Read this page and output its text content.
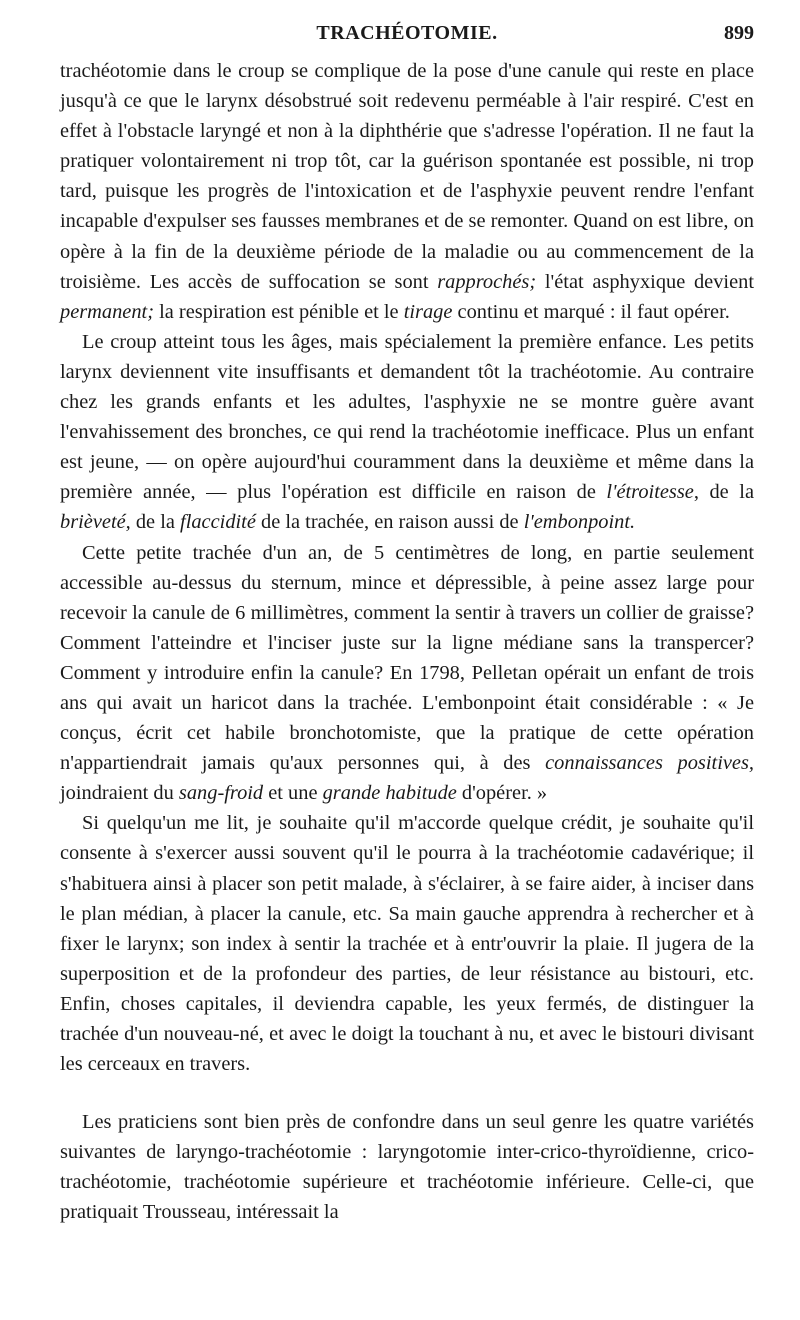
TRACHÉOTOMIE.	899

trachéotomie dans le croup se complique de la pose d'une canule qui reste en place jusqu'à ce que le larynx désobstrué soit redevenu perméable à l'air respiré. C'est en effet à l'obstacle laryngé et non à la diphthérie que s'adresse l'opération. Il ne faut la pratiquer volontairement ni trop tôt, car la guérison spontanée est possible, ni trop tard, puisque les progrès de l'intoxication et de l'asphyxie peuvent rendre l'enfant incapable d'expulser ses fausses membranes et de se remonter. Quand on est libre, on opère à la fin de la deuxième période de la maladie ou au commencement de la troisième. Les accès de suffocation se sont rapprochés; l'état asphyxique devient permanent; la respiration est pénible et le tirage continu et marqué : il faut opérer.

Le croup atteint tous les âges, mais spécialement la première enfance. Les petits larynx deviennent vite insuffisants et demandent tôt la trachéotomie. Au contraire chez les grands enfants et les adultes, l'asphyxie ne se montre guère avant l'envahissement des bronches, ce qui rend la trachéotomie inefficace. Plus un enfant est jeune, — on opère aujourd'hui couramment dans la deuxième et même dans la première année, — plus l'opération est difficile en raison de l'étroitesse, de la brièveté, de la flaccidité de la trachée, en raison aussi de l'embonpoint.

Cette petite trachée d'un an, de 5 centimètres de long, en partie seulement accessible au-dessus du sternum, mince et dépressible, à peine assez large pour recevoir la canule de 6 millimètres, comment la sentir à travers un collier de graisse? Comment l'atteindre et l'inciser juste sur la ligne médiane sans la transpercer? Comment y introduire enfin la canule? En 1798, Pelletan opérait un enfant de trois ans qui avait un haricot dans la trachée. L'embonpoint était considérable : « Je conçus, écrit cet habile bronchotomiste, que la pratique de cette opération n'appartiendrait jamais qu'aux personnes qui, à des connaissances positives, joindraient du sang-froid et une grande habitude d'opérer. »

Si quelqu'un me lit, je souhaite qu'il m'accorde quelque crédit, je souhaite qu'il consente à s'exercer aussi souvent qu'il le pourra à la trachéotomie cadavérique; il s'habituera ainsi à placer son petit malade, à s'éclairer, à se faire aider, à inciser dans le plan médian, à placer la canule, etc. Sa main gauche apprendra à rechercher et à fixer le larynx; son index à sentir la trachée et à entr'ouvrir la plaie. Il jugera de la superposition et de la profondeur des parties, de leur résistance au bistouri, etc. Enfin, choses capitales, il deviendra capable, les yeux fermés, de distinguer la trachée d'un nouveau-né, et avec le doigt la touchant à nu, et avec le bistouri divisant les cerceaux en travers.

Les praticiens sont bien près de confondre dans un seul genre les quatre variétés suivantes de laryngo-trachéotomie : laryngotomie inter-crico-thyroïdienne, crico-trachéotomie, trachéotomie supérieure et trachéotomie inférieure. Celle-ci, que pratiquait Trousseau, intéressait la
